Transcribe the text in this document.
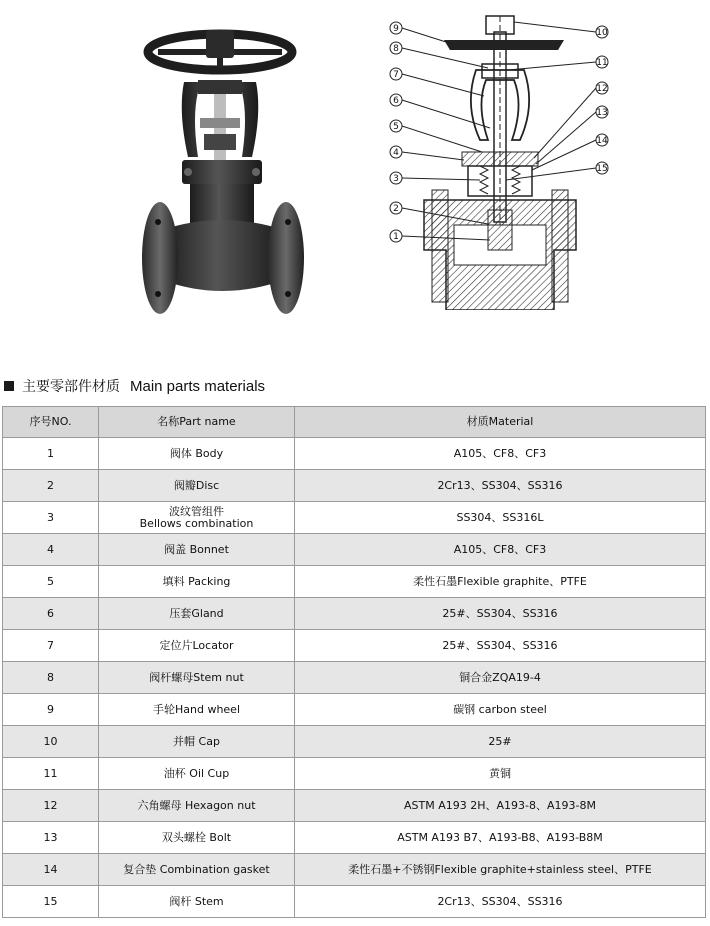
9
8
7
6
5
4
3
2
1
10
11
12
13
14
15
主要零部件材质 Main parts materials
序号NO.	名称Part name	材质Material
1	阀体 Body	A105、CF8、CF3
2	阀瓣Disc	2Cr13、SS304、SS316
3	波纹管组件
Bellows combination	SS304、SS316L
4	阀盖 Bonnet	A105、CF8、CF3
5	填料 Packing	柔性石墨Flexible graphite、PTFE
6	压套Gland	25#、SS304、SS316
7	定位片Locator	25#、SS304、SS316
8	阀杆螺母Stem nut	铜合金ZQA19-4
9	手轮Hand wheel	碳钢 carbon steel
10	并帽 Cap	25#
11	油杯 Oil Cup	黄铜
12	六角螺母 Hexagon nut	ASTM A193 2H、A193-8、A193-8M
13	双头螺栓 Bolt	ASTM A193 B7、A193-B8、A193-B8M
14	复合垫 Combination gasket	柔性石墨+不锈钢Flexible graphite+stainless steel、PTFE
15	阀杆 Stem	2Cr13、SS304、SS316
